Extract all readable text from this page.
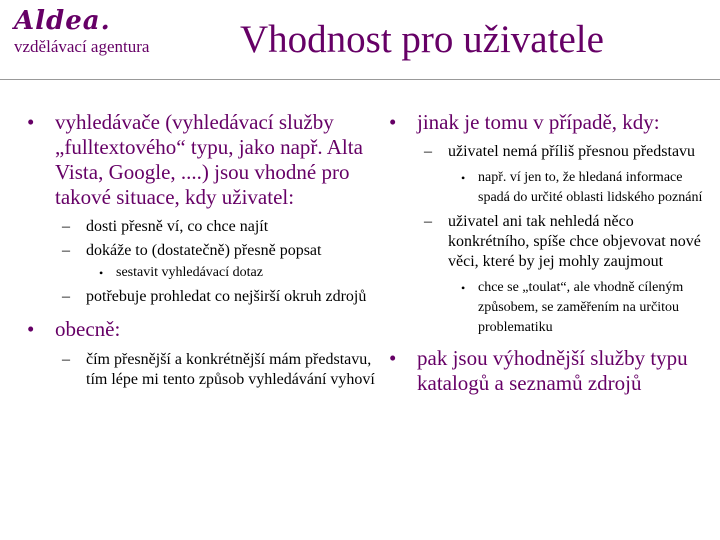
Aldea.
vzdělávací agentura Vhodnost pro uživatele
• vyhledávače (vyhledávací služby „fulltextového“ typu, jako např. Alta Vista, Google, ....) jsou vhodné pro takové situace, kdy uživatel:
– dosti přesně ví, co chce najít
– dokáže to (dostatečně) přesně popsat
• sestavit vyhledávací dotaz
– potřebuje prohledat co nejširší okruh zdrojů
• obecně:
– čím přesnější a konkrétnější mám představu, tím lépe mi tento způsob vyhledávání vyhoví
• jinak je tomu v případě, kdy:
– uživatel nemá příliš přesnou představu
• např. ví jen to, že hledaná informace spadá do určité oblasti lidského poznání
– uživatel ani tak nehledá něco konkrétního, spíše chce objevovat nové věci, které by jej mohly zaujmout
• chce se „toulat“, ale vhodně cíleným způsobem, se zaměřením na určitou problematiku
• pak jsou výhodnější služby typu katalogů a seznamů zdrojů
